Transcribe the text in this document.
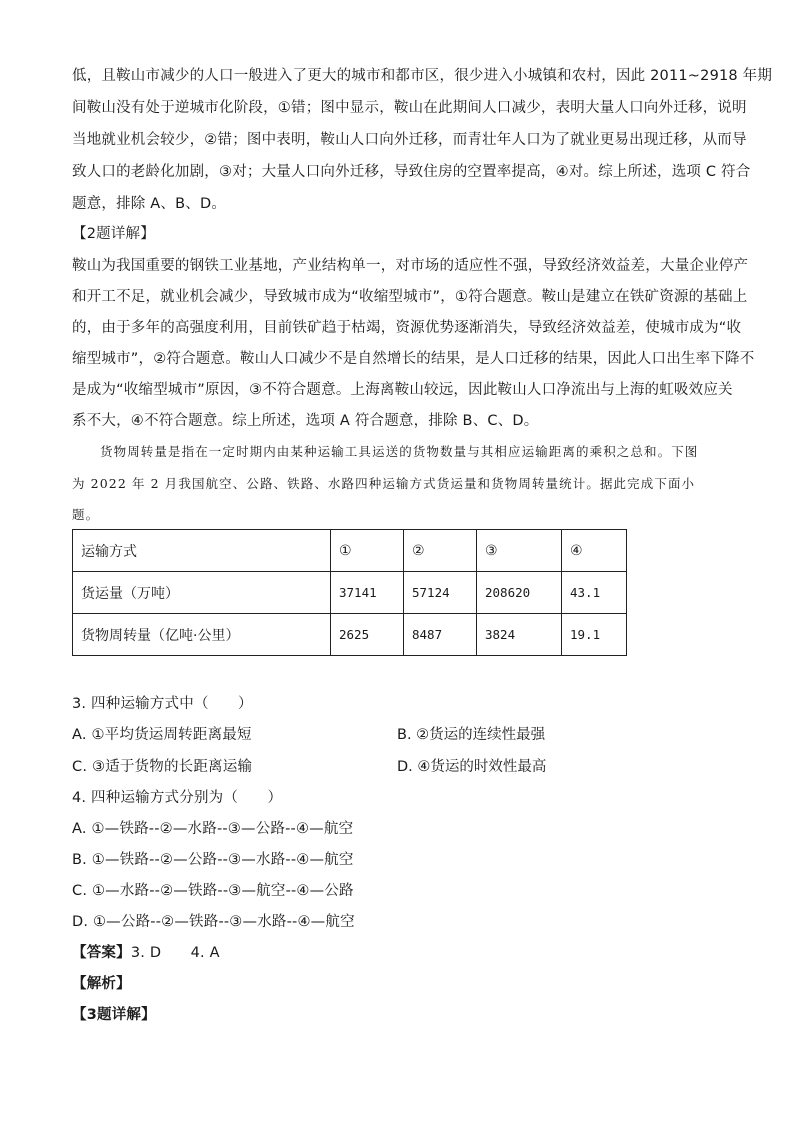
低，且鞍山市减少的人口一般进入了更大的城市和都市区，很少进入小城镇和农村，因此 2011~2918 年期
间鞍山没有处于逆城市化阶段，①错；图中显示，鞍山在此期间人口减少，表明大量人口向外迁移，说明
当地就业机会较少，②错；图中表明，鞍山人口向外迁移，而青壮年人口为了就业更易出现迁移，从而导
致人口的老龄化加剧，③对；大量人口向外迁移，导致住房的空置率提高，④对。综上所述，选项 C 符合
题意，排除 A、B、D。
【2题详解】
鞍山为我国重要的钢铁工业基地，产业结构单一，对市场的适应性不强，导致经济效益差，大量企业停产
和开工不足，就业机会减少，导致城市成为“收缩型城市”，①符合题意。鞍山是建立在铁矿资源的基础上
的，由于多年的高强度利用，目前铁矿趋于枯竭，资源优势逐渐消失，导致经济效益差，使城市成为“收
缩型城市”，②符合题意。鞍山人口减少不是自然增长的结果，是人口迁移的结果，因此人口出生率下降不
是成为“收缩型城市”原因，③不符合题意。上海离鞍山较远，因此鞍山人口净流出与上海的虹吸效应关
系不大，④不符合题意。综上所述，选项 A 符合题意，排除 B、C、D。
货物周转量是指在一定时期内由某种运输工具运送的货物数量与其相应运输距离的乘积之总和。下图
为 2022 年 2 月我国航空、公路、铁路、水路四种运输方式货运量和货物周转量统计。据此完成下面小
题。
运输方式	①	②	③	④
货运量（万吨）	37141	57124	208620	43.1
货物周转量（亿吨·公里）	2625	8487	3824	19.1
3. 四种运输方式中（　　）
A. ①平均货运周转距离最短	B. ②货运的连续性最强
C. ③适于货物的长距离运输	D. ④货运的时效性最高
4. 四种运输方式分别为（　　）
A. ①—铁路--②—水路--③—公路--④—航空
B. ①—铁路--②—公路--③—水路--④—航空
C. ①—水路--②—铁路--③—航空--④—公路
D. ①—公路--②—铁路--③—水路--④—航空
【答案】3. D　　4. A
【解析】
【3题详解】
